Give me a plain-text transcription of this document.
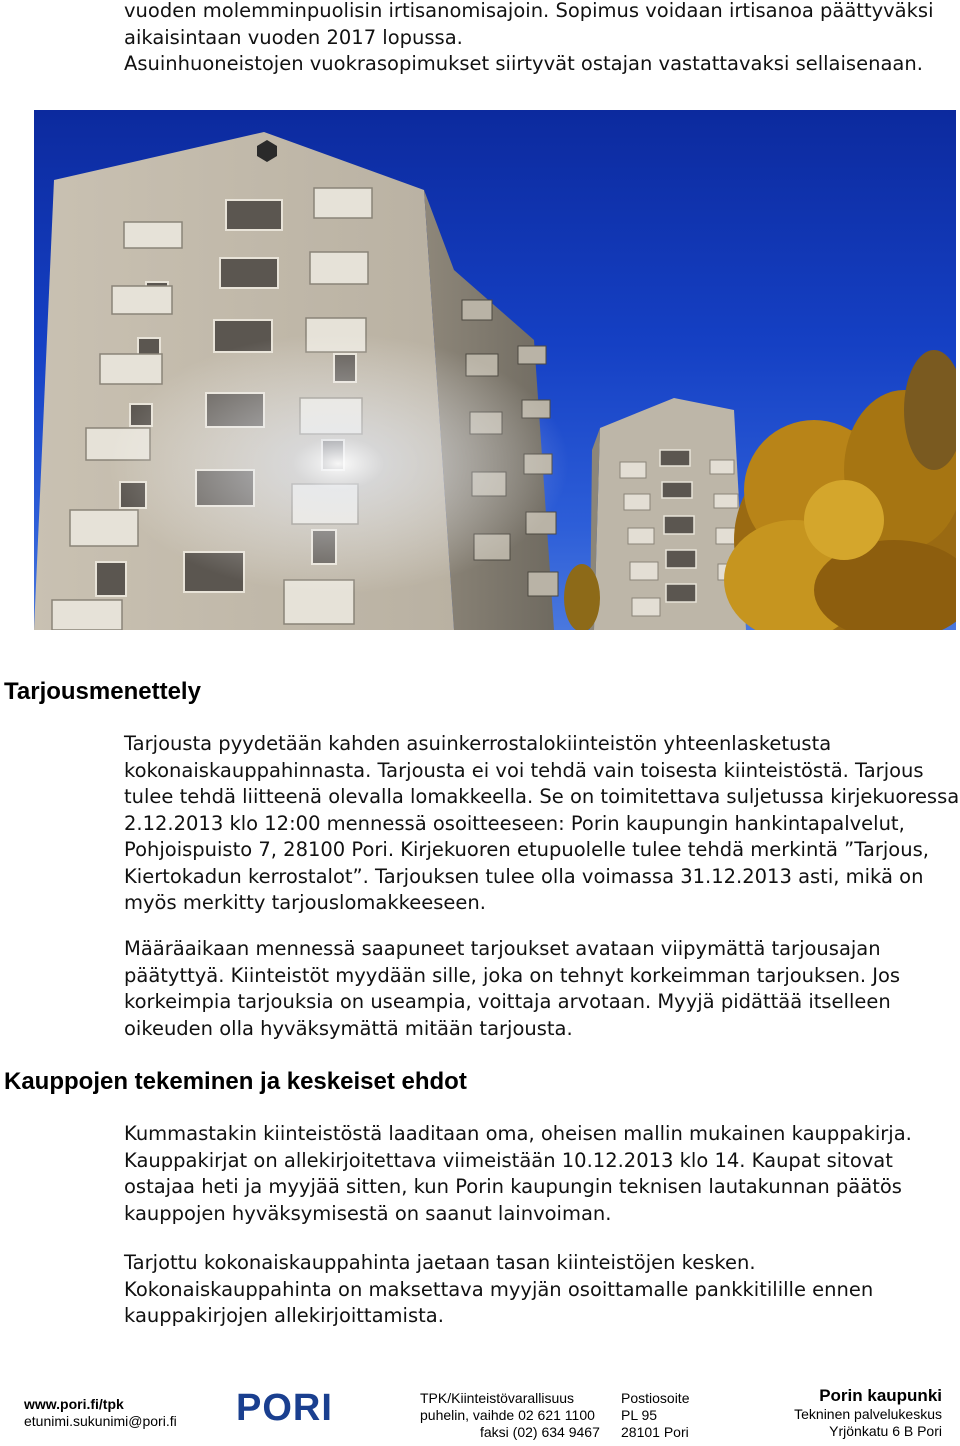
vuoden molemminpuolisin irtisanomisajoin. Sopimus voidaan irtisanoa päättyväksi
aikaisintaan vuoden 2017 lopussa.
Asuinhuoneistojen vuokrasopimukset siirtyvät ostajan vastattavaksi sellaisenaan.

Tarjousmenettely

Tarjousta pyydetään kahden asuinkerrostalokiinteistön yhteenlasketusta
kokonaiskauppahinnasta. Tarjousta ei voi tehdä vain toisesta kiinteistöstä. Tarjous
tulee tehdä liitteenä olevalla lomakkeella. Se on toimitettava suljetussa kirjekuoressa
2.12.2013 klo 12:00 mennessä osoitteeseen: Porin kaupungin hankintapalvelut,
Pohjoispuisto 7, 28100 Pori. Kirjekuoren etupuolelle tulee tehdä merkintä ”Tarjous,
Kiertokadun kerrostalot”. Tarjouksen tulee olla voimassa 31.12.2013 asti, mikä on
myös merkitty tarjouslomakkeeseen.

Määräaikaan mennessä saapuneet tarjoukset avataan viipymättä tarjousajan
päätyttyä. Kiinteistöt myydään sille, joka on tehnyt korkeimman tarjouksen. Jos
korkeimpia tarjouksia on useampia, voittaja arvotaan. Myyjä pidättää itselleen
oikeuden olla hyväksymättä mitään tarjousta.

Kauppojen tekeminen ja keskeiset ehdot

Kummastakin kiinteistöstä laaditaan oma, oheisen mallin mukainen kauppakirja.
Kauppakirjat on allekirjoitettava viimeistään 10.12.2013 klo 14. Kaupat sitovat
ostajaa heti ja myyjää sitten, kun Porin kaupungin teknisen lautakunnan päätös
kauppojen hyväksymisestä on saanut lainvoiman.

Tarjottu kokonaiskauppahinta jaetaan tasan kiinteistöjen kesken.
Kokonaiskauppahinta on maksettava myyjän osoittamalle pankkitilille ennen
kauppakirjojen allekirjoittamista.

www.pori.fi/tpk
etunimi.sukunimi@pori.fi PORI	TPK/Kiinteistövarallisuus
puhelin, vaihde 02 621 1100
faksi (02) 634 9467
Postiosoite
PL 95
28101 Pori
Porin kaupunki
Tekninen palvelukeskus
Yrjönkatu 6 B Pori
